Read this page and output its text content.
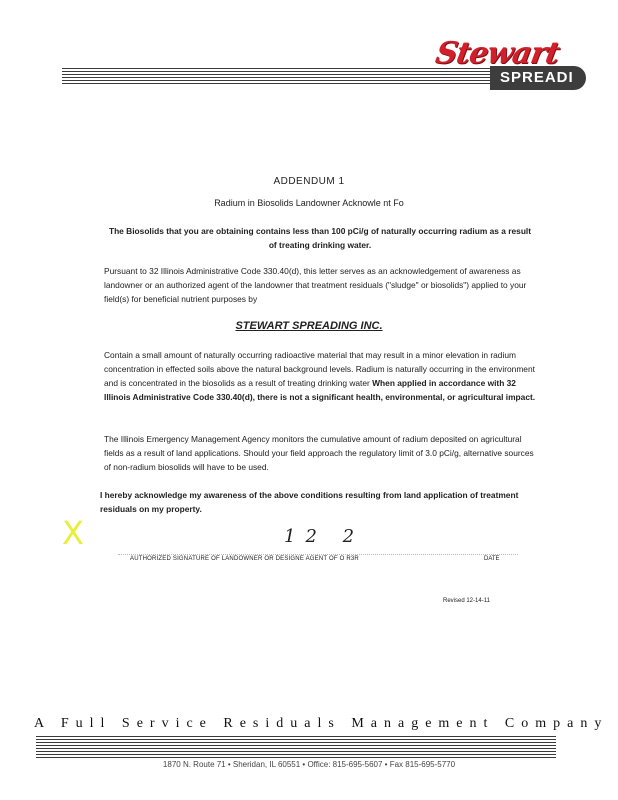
Stewart
SPREADI
ADDENDUM 1
Radium in Biosolids Landowner Acknowle nt Fo
The Biosolids that you are obtaining contains less than 100 pCi/g of naturally occurring radium as a result of treating drinking water.
Pursuant to 32 Illinois Administrative Code 330.40(d), this letter serves as an acknowledgement of awareness as landowner or an authorized agent of the landowner that treatment residuals ("sludge" or biosolids") applied to your field(s) for beneficial nutrient purposes by
STEWART SPREADING INC.
Contain a small amount of naturally occurring radioactive material that may result in a minor elevation in radium concentration in effected soils above the natural background levels. Radium is naturally occurring in the environment and is concentrated in the biosolids as a result of treating drinking water When applied in accordance with 32 Illinois Administrative Code 330.40(d), there is not a significant health, environmental, or agricultural impact.
The Illinois Emergency Management Agency monitors the cumulative amount of radium deposited on agricultural fields as a result of land applications. Should your field approach the regulatory limit of 3.0 pCi/g, alternative sources of non-radium biosolids will have to be used.
I hereby acknowledge my awareness of the above conditions resulting from land application of treatment residuals on my property.
X	12 2
AUTHORIZED SIGNATURE OF LANDOWNER OR DESIGNE AGENT OF O R3R	DATE
Revised 12-14-11
A Full Service Residuals Management Company
1870 N. Route 71 • Sheridan, IL 60551 • Office: 815-695-5607 • Fax 815-695-5770
